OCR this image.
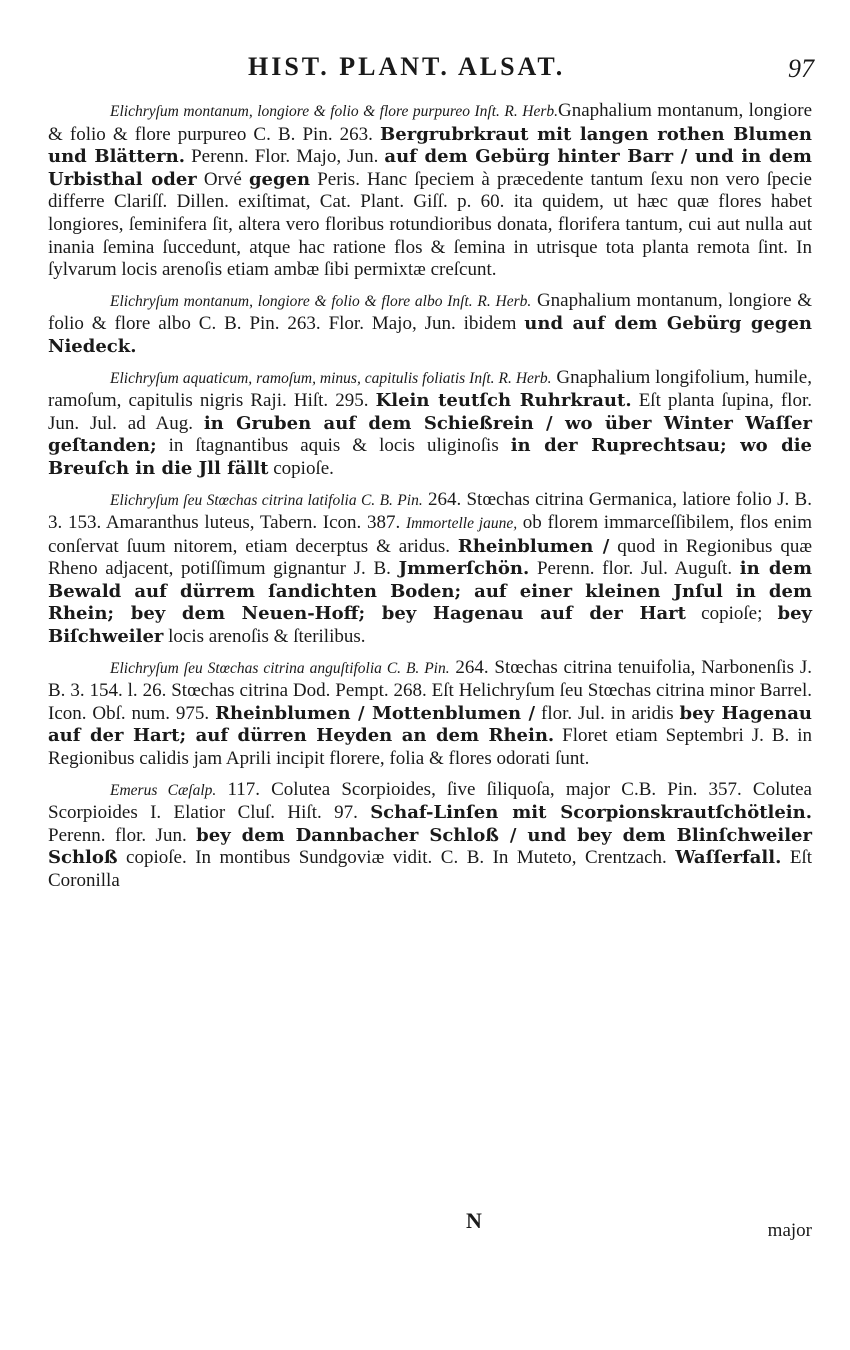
HIST. PLANT. ALSAT.	97

Elichryſum montanum, longiore & folio & flore purpureo Inſt. R. Herb.Gnaphalium montanum, longiore & folio & flore purpureo C. B. Pin. 263. Bergrubrkraut mit langen rothen Blumen und Blättern. Perenn. Flor. Majo, Jun. auf dem Gebürg hinter Barr / und in dem Urbisthal oder Orvé gegen Peris. Hanc ſpeciem à præcedente tantum ſexu non vero ſpecie differre Clariſſ. Dillen. exiſtimat, Cat. Plant. Giſſ. p. 60. ita quidem, ut hæc quæ flores habet longiores, ſeminifera ſit, altera vero floribus rotundioribus donata, florifera tantum, cui aut nulla aut inania ſemina ſuccedunt, atque hac ratione flos & ſemina in utrisque tota planta remota ſint. In ſylvarum locis arenoſis etiam ambæ ſibi permixtæ creſcunt.

Elichryſum montanum, longiore & folio & flore albo Inſt. R. Herb. Gnaphalium montanum, longiore & folio & flore albo C. B. Pin. 263. Flor. Majo, Jun. ibidem und auf dem Gebürg gegen Niedeck.

Elichryſum aquaticum, ramoſum, minus, capitulis foliatis Inſt. R. Herb. Gnaphalium longifolium, humile, ramoſum, capitulis nigris Raji. Hiſt. 295. Klein teutſch Ruhrkraut. Eſt planta ſupina, flor. Jun. Jul. ad Aug. in Gruben auf dem Schießrein / wo über Winter Waſſer geſtanden; in ſtagnantibus aquis & locis uliginoſis in der Ruprechtsau; wo die Breuſch in die Jll fällt copioſe.

Elichryſum ſeu Stœchas citrina latifolia C. B. Pin. 264. Stœchas citrina Germanica, latiore folio J. B. 3. 153. Amaranthus luteus, Tabern. Icon. 387. Immortelle jaune, ob florem immarceſſibilem, flos enim conſervat ſuum nitorem, etiam decerptus & aridus. Rheinblumen / quod in Regionibus quæ Rheno adjacent, potiſſimum gignantur J. B. Jmmerſchön. Perenn. flor. Jul. Auguſt. in dem Bewald auf dürrem ſandichten Boden; auf einer kleinen Jnſul in dem Rhein; bey dem Neuen-Hoff; bey Hagenau auf der Hart copioſe; bey Biſchweiler locis arenoſis & ſterilibus.

Elichryſum ſeu Stœchas citrina anguſtifolia C. B. Pin. 264. Stœchas citrina tenuifolia, Narbonenſis J. B. 3. 154. l. 26. Stœchas citrina Dod. Pempt. 268. Eſt Helichryſum ſeu Stœchas citrina minor Barrel. Icon. Obſ. num. 975. Rheinblumen / Mottenblumen / flor. Jul. in aridis bey Hagenau auf der Hart; auf dürren Heyden an dem Rhein. Floret etiam Septembri J. B. in Regionibus calidis jam Aprili incipit florere, folia & flores odorati ſunt.

Emerus Cæſalp. 117. Colutea Scorpioides, ſive ſiliquoſa, major C.B. Pin. 357. Colutea Scorpioides I. Elatior Cluſ. Hiſt. 97. Schaf-Linſen mit Scorpionskrautſchötlein. Perenn. flor. Jun. bey dem Dannbacher Schloß / und bey dem Blinſchweiler Schloß copioſe. In montibus Sundgoviæ vidit. C. B. In Muteto, Crentzach. Waſſerfall. Eſt Coronilla

N	major
